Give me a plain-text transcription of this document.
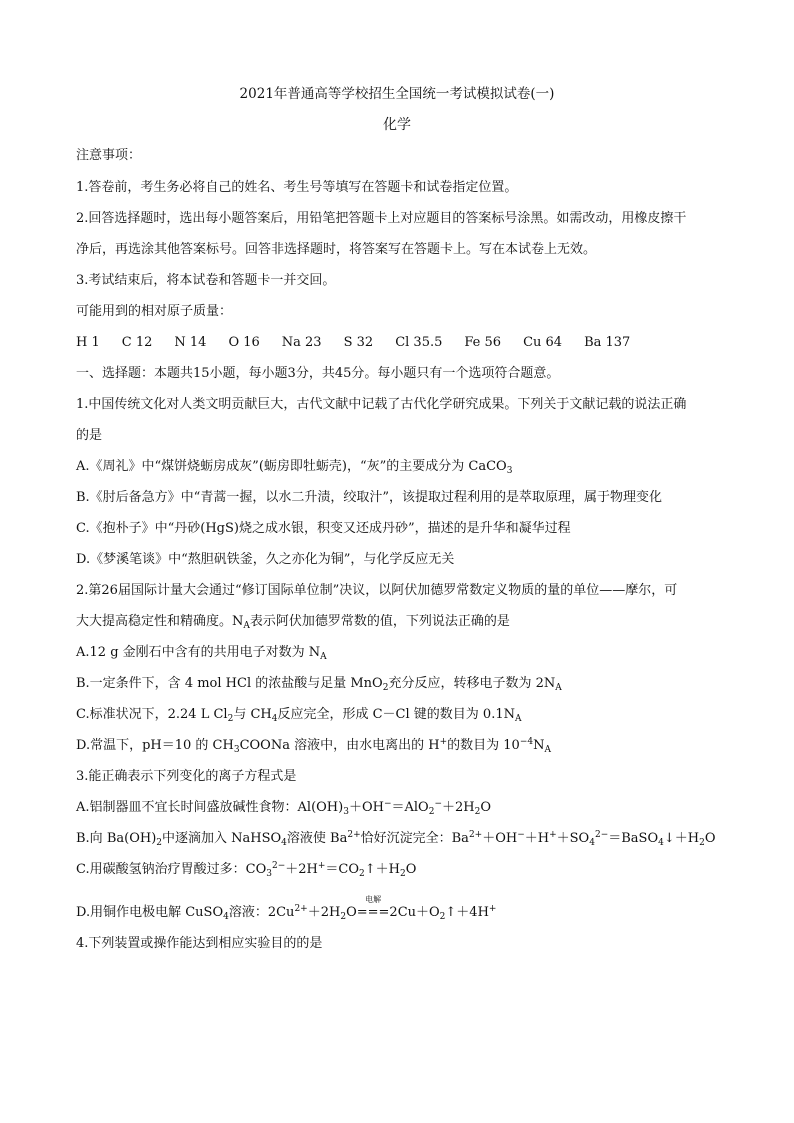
2021年普通高等学校招生全国统一考试模拟试卷(一)
化学
注意事项：
1.答卷前，考生务必将自己的姓名、考生号等填写在答题卡和试卷指定位置。
2.回答选择题时，选出每小题答案后，用铅笔把答题卡上对应题目的答案标号涂黑。如需改动，用橡皮擦干
净后，再选涂其他答案标号。回答非选择题时，将答案写在答题卡上。写在本试卷上无效。
3.考试结束后，将本试卷和答题卡一并交回。
可能用到的相对原子质量：
H 1 C 12 N 14 O 16 Na 23 S 32 Cl 35.5 Fe 56 Cu 64 Ba 137
一、选择题：本题共15小题，每小题3分，共45分。每小题只有一个选项符合题意。
1.中国传统文化对人类文明贡献巨大，古代文献中记载了古代化学研究成果。下列关于文献记载的说法正确
的是
A.《周礼》中“煤饼烧蛎房成灰”(蛎房即牡蛎壳)，“灰”的主要成分为 CaCO$_3$
B.《肘后备急方》中“青蒿一握，以水二升渍，绞取汁”，该提取过程利用的是萃取原理，属于物理变化
C.《抱朴子》中“丹砂(HgS)烧之成水银，积变又还成丹砂”，描述的是升华和凝华过程
D.《梦溪笔谈》中“熬胆矾铁釜，久之亦化为铜”，与化学反应无关
2.第26届国际计量大会通过“修订国际单位制”决议，以阿伏加德罗常数定义物质的量的单位——摩尔，可
大大提高稳定性和精确度。$N_A$表示阿伏加德罗常数的值，下列说法正确的是
A.12 g 金刚石中含有的共用电子对数为 $N_A$
B.一定条件下，含 4 mol HCl 的浓盐酸与足量 MnO$_2$充分反应，转移电子数为 $2N_A$
C.标准状况下，2.24 L $Cl_2$与 $CH_4$反应完全，形成 C－Cl 键的数目为 $0.1N_A$
D.常温下，pH＝10 的 $CH_3COONa$ 溶液中，由水电离出的 H+的数目为 $10^{-4}N_A$
3.能正确表示下列变化的离子方程式是
A.铝制器皿不宜长时间盛放碱性食物：$Al(OH)_3+OH^-=AlO_2^-+2H_2O$
B.向 $Ba(OH)_2$中逐滴加入 NaHSO$_4$溶液使 $Ba^{2+}$恰好沉淀完全：$Ba^{2+}+OH^-+H^++SO_4^{2-}=BaSO_4↓+H_2O$
C.用碳酸氢钠治疗胃酸过多：$CO_3^{2-}+2H^+=CO_2↑+H_2O$
D.用铜作电极电解 CuSO$_4$溶液：$2Cu^{2+}+2H_2O$
电解
$===2Cu+O_2↑+4H^+$
4.下列装置或操作能达到相应实验目的的是
